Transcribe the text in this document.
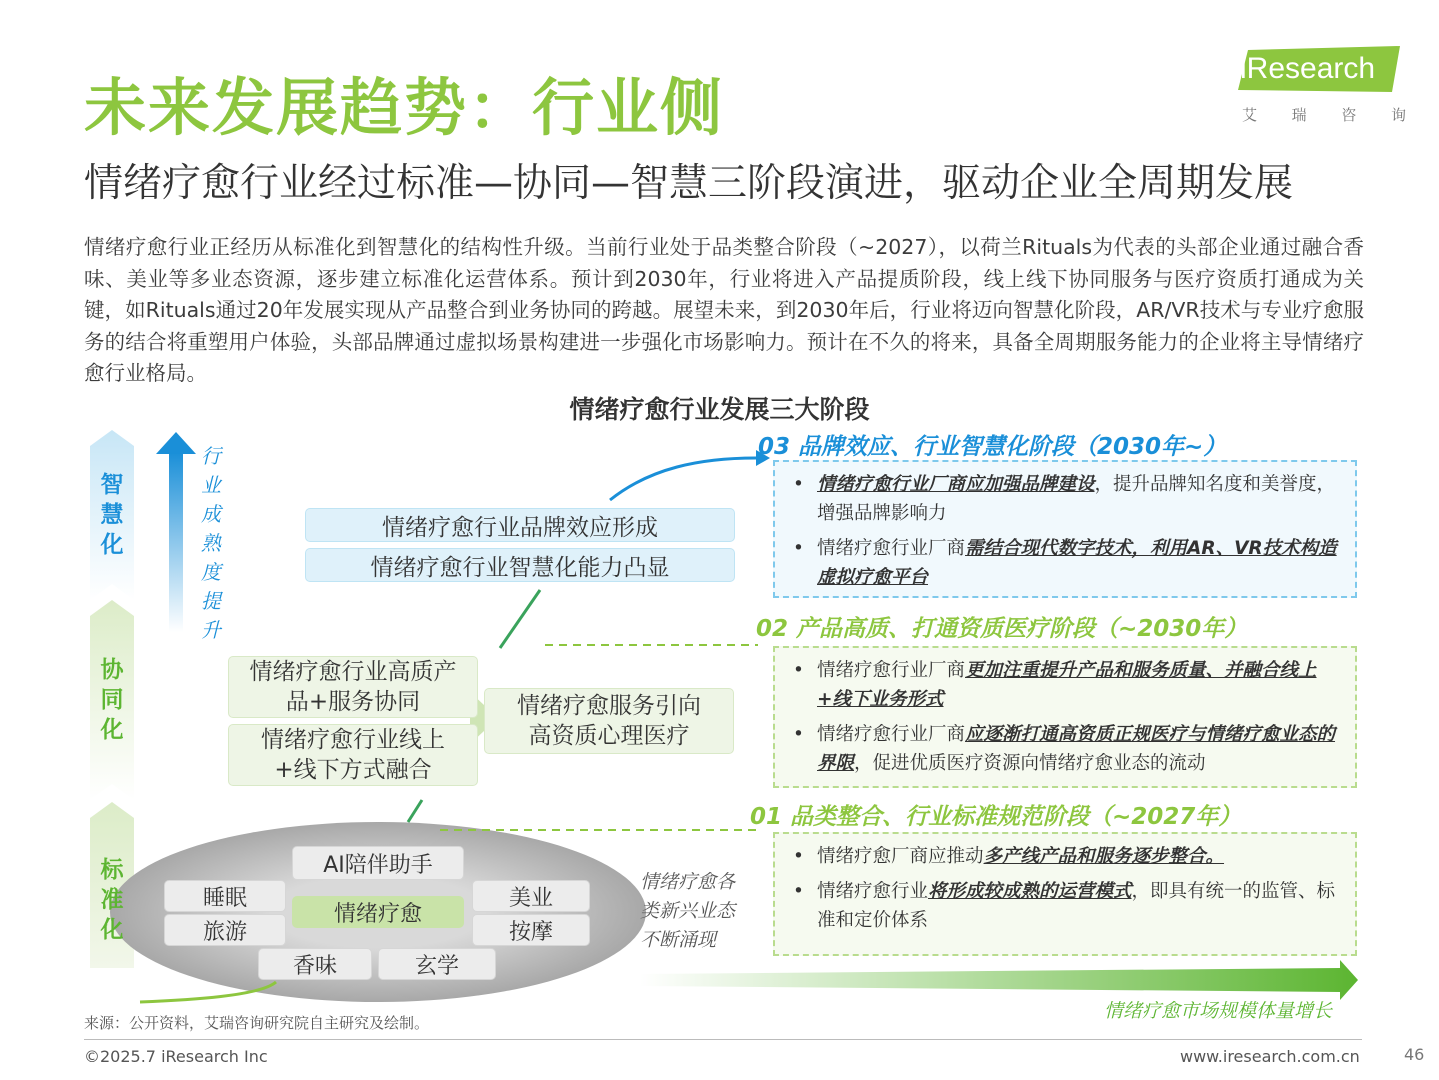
未来发展趋势：行业侧
情绪疗愈行业经过标准—协同—智慧三阶段演进，驱动企业全周期发展
iResearch
艾 瑞 咨 询
情绪疗愈行业正经历从标准化到智慧化的结构性升级。当前行业处于品类整合阶段（~2027），以荷兰Rituals为代表的头部企业通过融合香味、美业等多业态资源，逐步建立标准化运营体系。预计到2030年，行业将进入产品提质阶段，线上线下协同服务与医疗资质打通成为关键，如Rituals通过20年发展实现从产品整合到业务协同的跨越。展望未来，到2030年后，行业将迈向智慧化阶段，AR/VR技术与专业疗愈服务的结合将重塑用户体验，头部品牌通过虚拟场景构建进一步强化市场影响力。预计在不久的将来，具备全周期服务能力的企业将主导情绪疗愈行业格局。
情绪疗愈行业发展三大阶段
智慧化
协同化
标准化
行业成熟度提升
情绪疗愈行业品牌效应形成
情绪疗愈行业智慧化能力凸显
情绪疗愈行业高质产品+服务协同
情绪疗愈行业线上+线下方式融合
情绪疗愈服务引向高资质心理医疗
AI陪伴助手
睡眠
旅游
情绪疗愈
美业
按摩
香味	玄学
情绪疗愈各类新兴业态不断涌现
03 品牌效应、行业智慧化阶段（2030年~）
02 产品高质、打通资质医疗阶段（~2030年）
01 品类整合、行业标准规范阶段（~2027年）
• 情绪疗愈行业厂商应加强品牌建设，提升品牌知名度和美誉度，增强品牌影响力
• 情绪疗愈行业厂商需结合现代数字技术，利用AR、VR技术构造虚拟疗愈平台
• 情绪疗愈行业厂商更加注重提升产品和服务质量、并融合线上+线下业务形式
• 情绪疗愈行业厂商应逐渐打通高资质正规医疗与情绪疗愈业态的界限，促进优质医疗资源向情绪疗愈业态的流动
• 情绪疗愈厂商应推动多产线产品和服务逐步整合。
• 情绪疗愈行业将形成较成熟的运营模式，即具有统一的监管、标准和定价体系
情绪疗愈市场规模体量增长
来源：公开资料，艾瑞咨询研究院自主研究及绘制。
©2025.7 iResearch Inc	www.iresearch.com.cn	46
